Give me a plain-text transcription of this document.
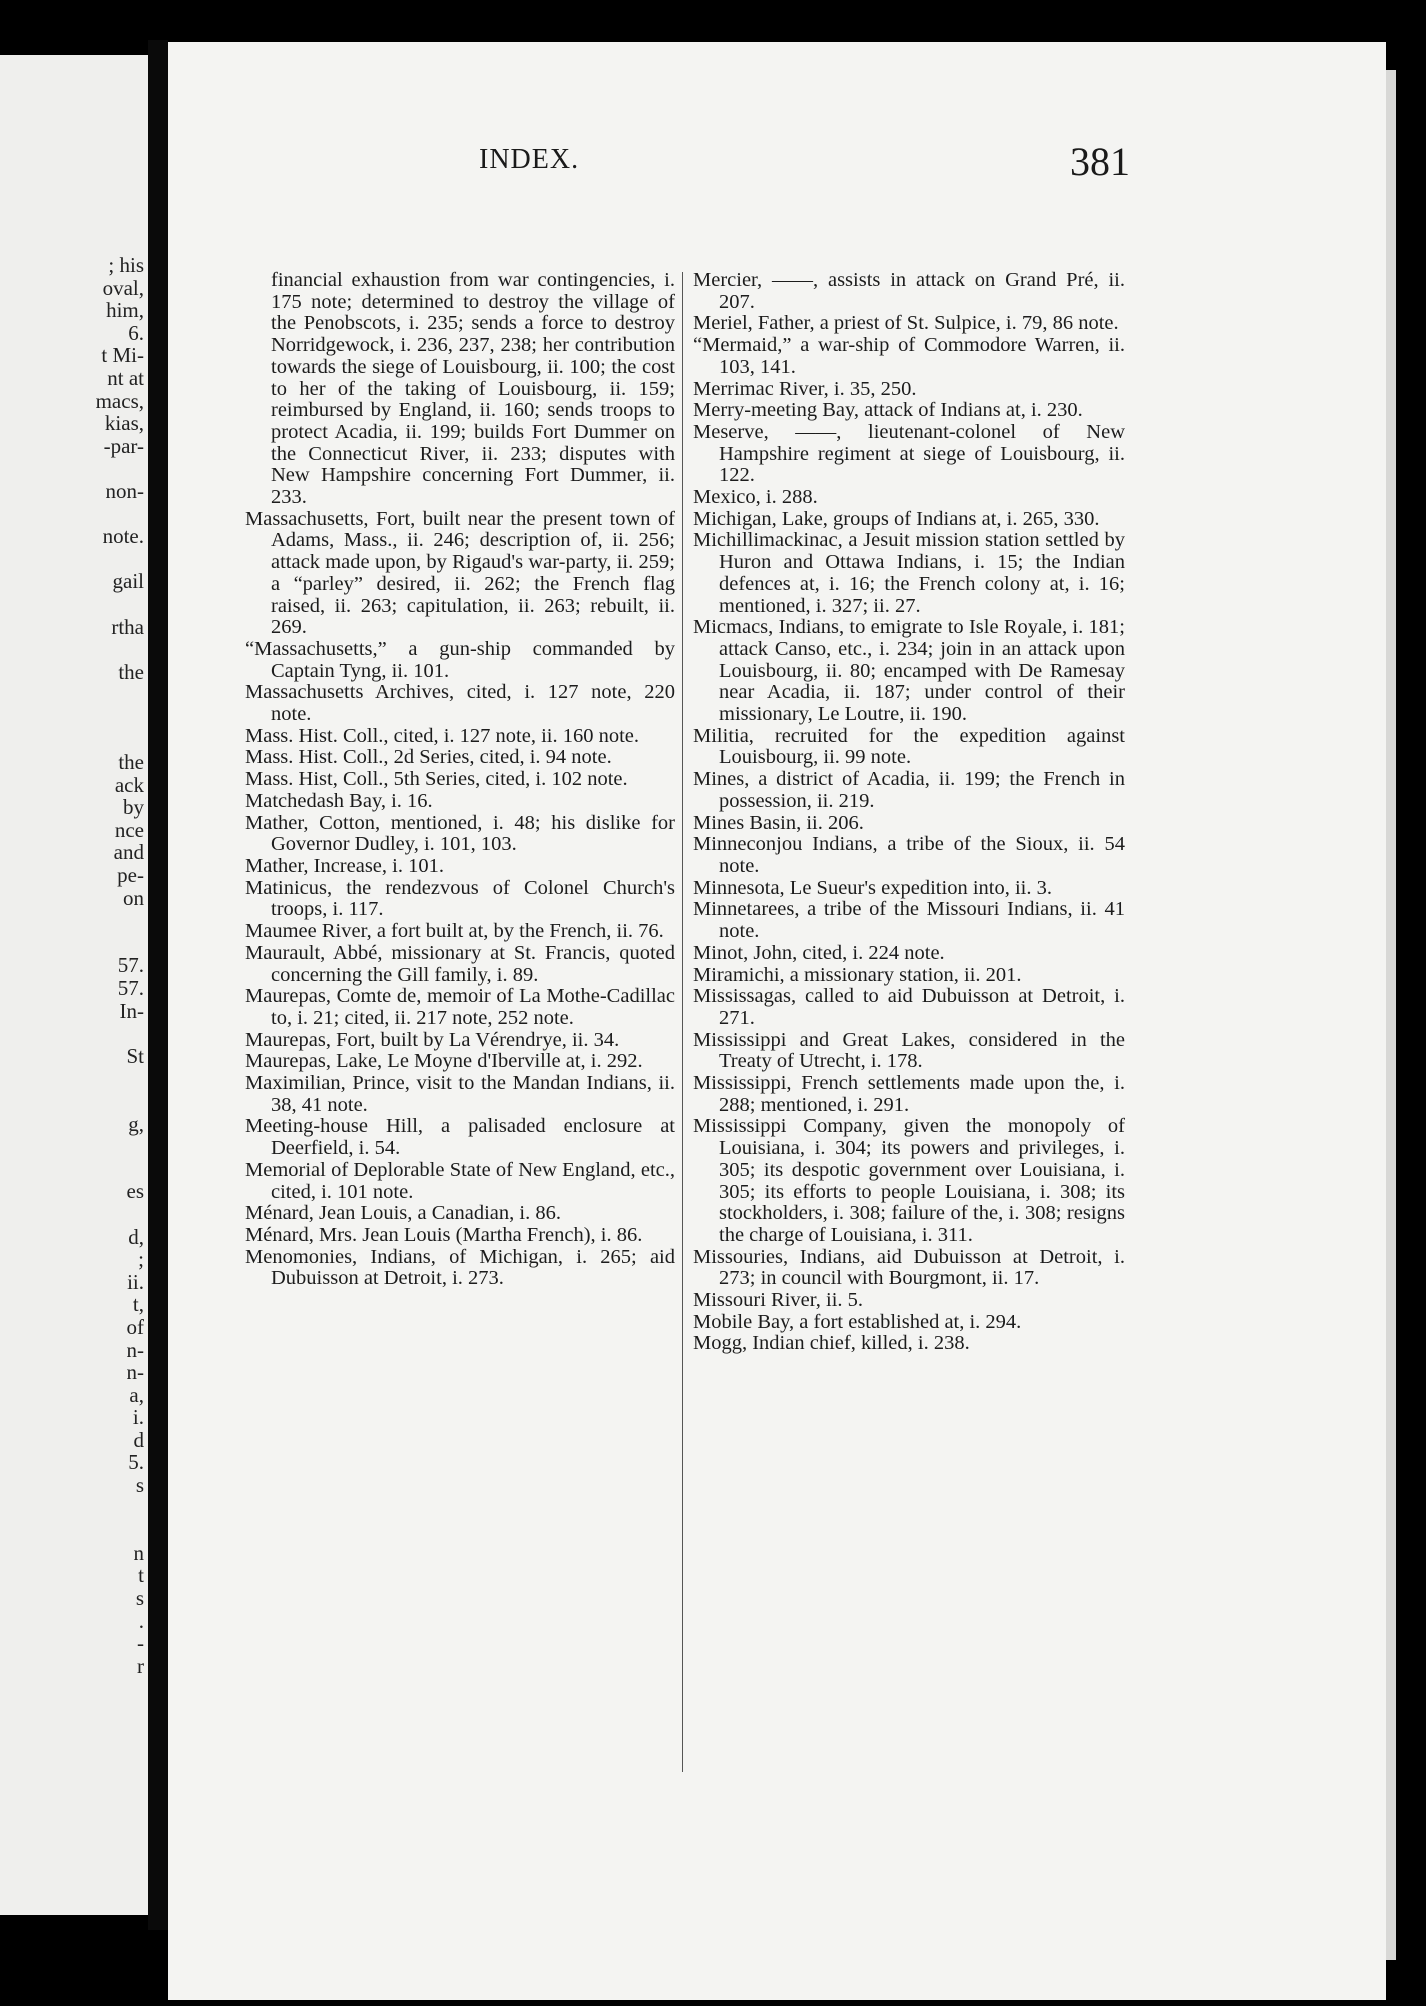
; his
oval,
him,
6.
t Mi-
nt at
macs,
kias,
-par-
non-
note.
gail
rtha
the
the
ack
by
nce
and
pe-
on
57.
57.
In-
St
g,
es
d,
;
ii.
t,
of
n-
n-
a,
i.
d
5.
s
n
t
s
.
-
r
INDEX.	381

financial exhaustion from war contingencies, i. 175 note; determined to destroy the village of the Penobscots, i. 235; sends a force to destroy Norridgewock, i. 236, 237, 238; her contribution towards the siege of Louisbourg, ii. 100; the cost to her of the taking of Louisbourg, ii. 159; reimbursed by England, ii. 160; sends troops to protect Acadia, ii. 199; builds Fort Dummer on the Connecticut River, ii. 233; disputes with New Hampshire concerning Fort Dummer, ii. 233.

Massachusetts, Fort, built near the present town of Adams, Mass., ii. 246; description of, ii. 256; attack made upon, by Rigaud's war-party, ii. 259; a “parley” desired, ii. 262; the French flag raised, ii. 263; capitulation, ii. 263; rebuilt, ii. 269.

“Massachusetts,” a gun-ship commanded by Captain Tyng, ii. 101.

Massachusetts Archives, cited, i. 127 note, 220 note.

Mass. Hist. Coll., cited, i. 127 note, ii. 160 note.

Mass. Hist. Coll., 2d Series, cited, i. 94 note.

Mass. Hist, Coll., 5th Series, cited, i. 102 note.

Matchedash Bay, i. 16.

Mather, Cotton, mentioned, i. 48; his dislike for Governor Dudley, i. 101, 103.

Mather, Increase, i. 101.

Matinicus, the rendezvous of Colonel Church's troops, i. 117.

Maumee River, a fort built at, by the French, ii. 76.

Maurault, Abbé, missionary at St. Francis, quoted concerning the Gill family, i. 89.

Maurepas, Comte de, memoir of La Mothe-Cadillac to, i. 21; cited, ii. 217 note, 252 note.

Maurepas, Fort, built by La Vérendrye, ii. 34.

Maurepas, Lake, Le Moyne d'Iberville at, i. 292.

Maximilian, Prince, visit to the Mandan Indians, ii. 38, 41 note.

Meeting-house Hill, a palisaded enclosure at Deerfield, i. 54.

Memorial of Deplorable State of New England, etc., cited, i. 101 note.

Ménard, Jean Louis, a Canadian, i. 86.

Ménard, Mrs. Jean Louis (Martha French), i. 86.

Menomonies, Indians, of Michigan, i. 265; aid Dubuisson at Detroit, i. 273.

Mercier, ——, assists in attack on Grand Pré, ii. 207.

Meriel, Father, a priest of St. Sulpice, i. 79, 86 note.

“Mermaid,” a war-ship of Commodore Warren, ii. 103, 141.

Merrimac River, i. 35, 250.

Merry-meeting Bay, attack of Indians at, i. 230.

Meserve, ——, lieutenant-colonel of New Hampshire regiment at siege of Louisbourg, ii. 122.

Mexico, i. 288.

Michigan, Lake, groups of Indians at, i. 265, 330.

Michillimackinac, a Jesuit mission station settled by Huron and Ottawa Indians, i. 15; the Indian defences at, i. 16; the French colony at, i. 16; mentioned, i. 327; ii. 27.

Micmacs, Indians, to emigrate to Isle Royale, i. 181; attack Canso, etc., i. 234; join in an attack upon Louisbourg, ii. 80; encamped with De Ramesay near Acadia, ii. 187; under control of their missionary, Le Loutre, ii. 190.

Militia, recruited for the expedition against Louisbourg, ii. 99 note.

Mines, a district of Acadia, ii. 199; the French in possession, ii. 219.

Mines Basin, ii. 206.

Minneconjou Indians, a tribe of the Sioux, ii. 54 note.

Minnesota, Le Sueur's expedition into, ii. 3.

Minnetarees, a tribe of the Missouri Indians, ii. 41 note.

Minot, John, cited, i. 224 note.

Miramichi, a missionary station, ii. 201.

Mississagas, called to aid Dubuisson at Detroit, i. 271.

Mississippi and Great Lakes, considered in the Treaty of Utrecht, i. 178.

Mississippi, French settlements made upon the, i. 288; mentioned, i. 291.

Mississippi Company, given the monopoly of Louisiana, i. 304; its powers and privileges, i. 305; its despotic government over Louisiana, i. 305; its efforts to people Louisiana, i. 308; its stockholders, i. 308; failure of the, i. 308; resigns the charge of Louisiana, i. 311.

Missouries, Indians, aid Dubuisson at Detroit, i. 273; in council with Bourgmont, ii. 17.

Missouri River, ii. 5.

Mobile Bay, a fort established at, i. 294.

Mogg, Indian chief, killed, i. 238.
